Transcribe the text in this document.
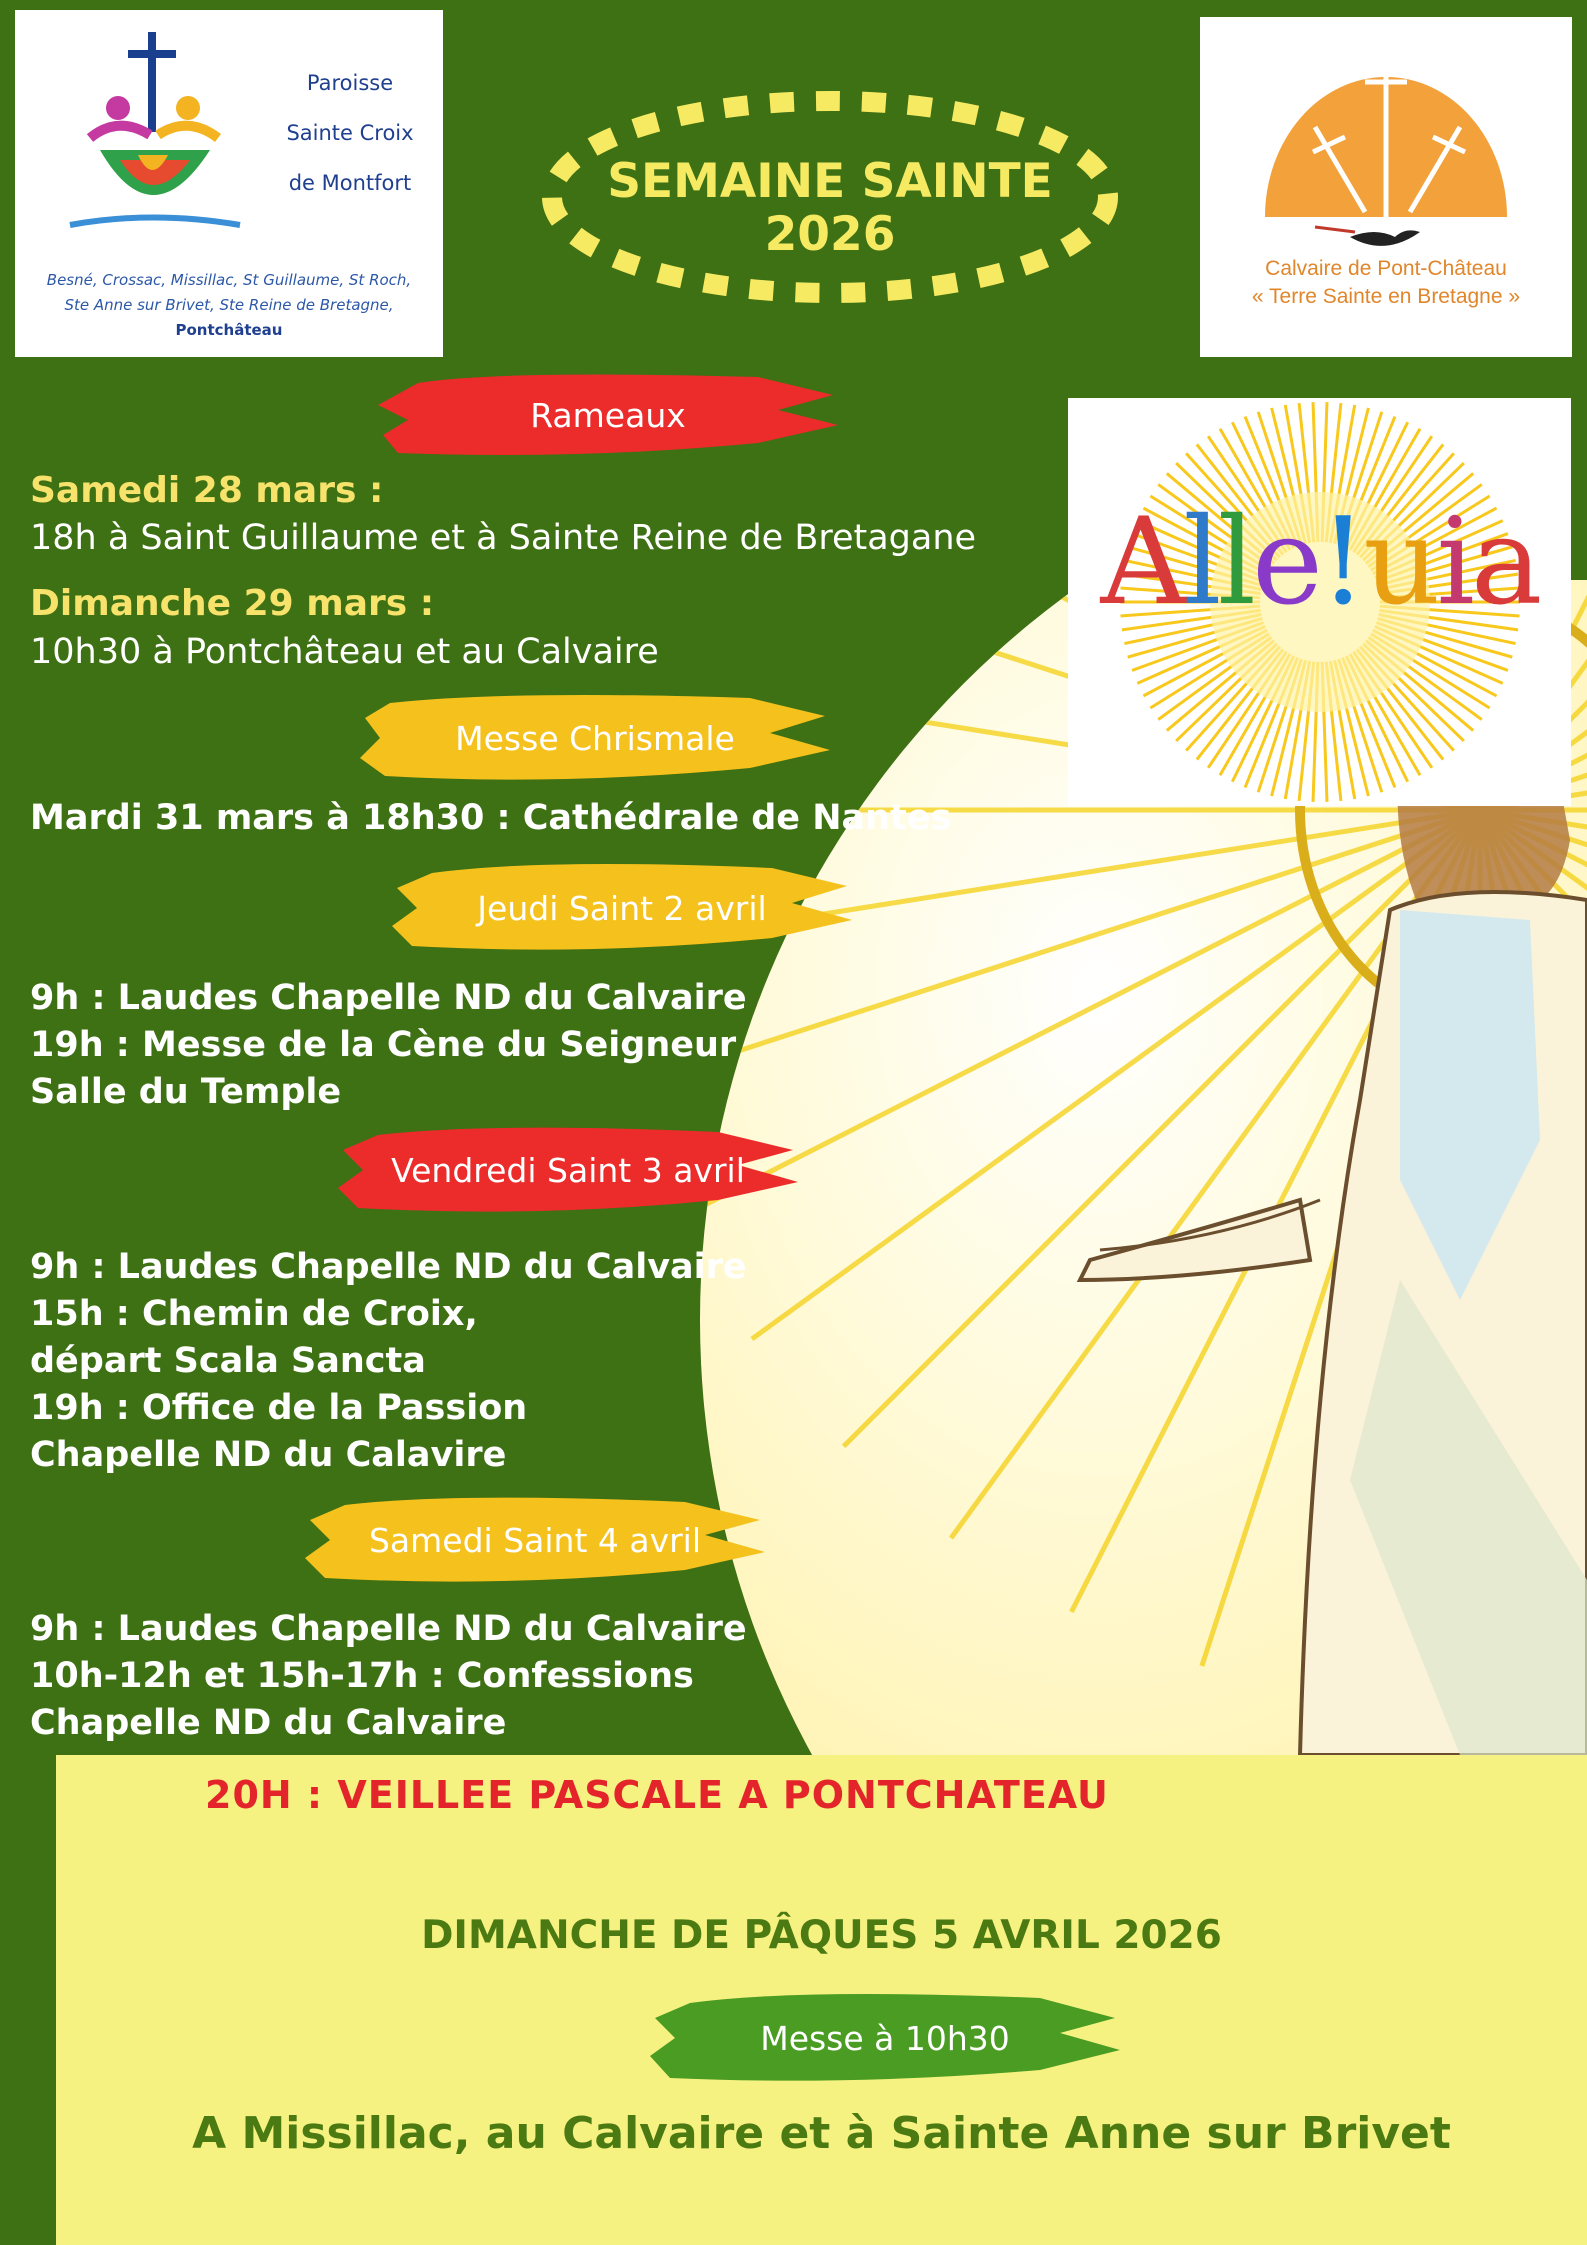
Paroisse
Sainte Croix
de Montfort
Besné, Crossac, Missillac, St Guillaume, St Roch,
Ste Anne sur Brivet, Ste Reine de Bretagne,
Pontchâteau
SEMAINE SAINTE
2026
Calvaire de Pont-Château
« Terre Sainte en Bretagne »
Alle!uia
Rameaux
Messe Chrismale
Jeudi Saint 2 avril
Vendredi Saint 3 avril
Samedi Saint 4 avril
Samedi 28 mars :
18h à Saint Guillaume et à Sainte Reine de Bretagane
Dimanche 29 mars :
10h30 à Pontchâteau et au Calvaire
Mardi 31 mars à 18h30 : Cathédrale de Nantes
9h : Laudes Chapelle ND du Calvaire
19h : Messe de la Cène du Seigneur
Salle du Temple
9h : Laudes Chapelle ND du Calvaire
15h : Chemin de Croix,
départ Scala Sancta
19h : Office de la Passion
Chapelle ND du Calavire
9h : Laudes Chapelle ND du Calvaire
10h-12h et 15h-17h : Confessions
Chapelle ND du Calvaire
20H : VEILLEE PASCALE A PONTCHATEAU
DIMANCHE DE PÂQUES 5 AVRIL 2026
Messe à 10h30
A Missillac, au Calvaire et à Sainte Anne sur Brivet
